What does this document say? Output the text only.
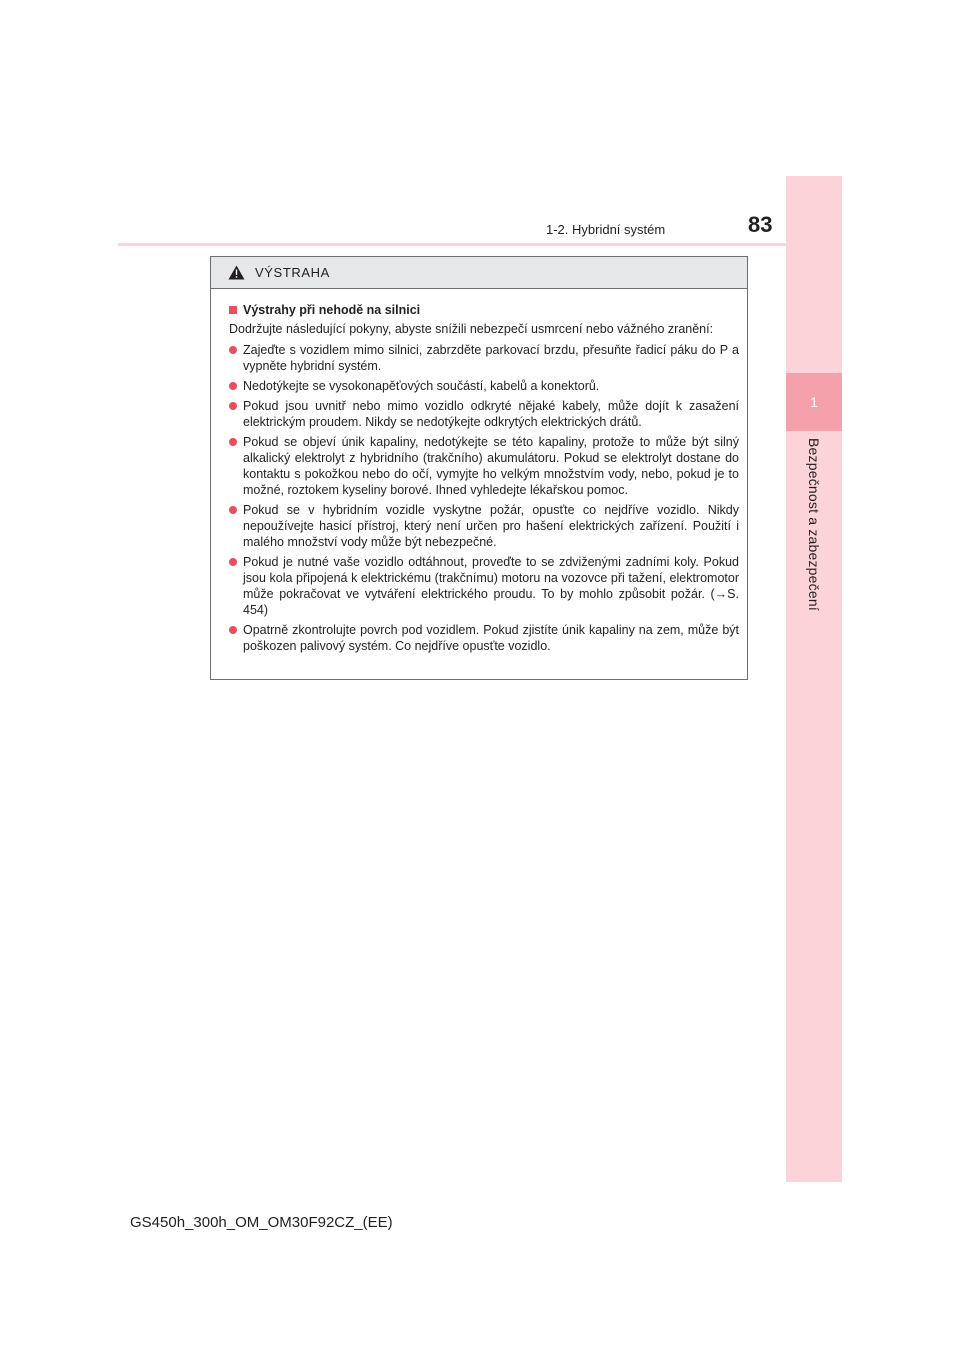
1
Bezpečnost a zabezpečení
1-2. Hybridní systém	83
VÝSTRAHA
Výstrahy při nehodě na silnici
Dodržujte následující pokyny, abyste snížili nebezpečí usmrcení nebo vážného zranění:
Zajeďte s vozidlem mimo silnici, zabrzděte parkovací brzdu, přesuňte řadicí páku do P a vypněte hybridní systém.
Nedotýkejte se vysokonapěťových součástí, kabelů a konektorů.
Pokud jsou uvnitř nebo mimo vozidlo odkryté nějaké kabely, může dojít k zasažení elektrickým proudem. Nikdy se nedotýkejte odkrytých elektrických drátů.
Pokud se objeví únik kapaliny, nedotýkejte se této kapaliny, protože to může být silný alkalický elektrolyt z hybridního (trakčního) akumulátoru. Pokud se elektrolyt dostane do kontaktu s pokožkou nebo do očí, vymyjte ho velkým množstvím vody, nebo, pokud je to možné, roztokem kyseliny borové. Ihned vyhledejte lékařskou pomoc.
Pokud se v hybridním vozidle vyskytne požár, opusťte co nejdříve vozidlo. Nikdy nepoužívejte hasicí přístroj, který není určen pro hašení elektrických zařízení. Použití i malého množství vody může být nebezpečné.
Pokud je nutné vaše vozidlo odtáhnout, proveďte to se zdviženými zadními koly. Pokud jsou kola připojená k elektrickému (trakčnímu) motoru na vozovce při tažení, elektromotor může pokračovat ve vytváření elektrického proudu. To by mohlo způsobit požár. (→S. 454)
Opatrně zkontrolujte povrch pod vozidlem. Pokud zjistíte únik kapaliny na zem, může být poškozen palivový systém. Co nejdříve opusťte vozidlo.
GS450h_300h_OM_OM30F92CZ_(EE)
